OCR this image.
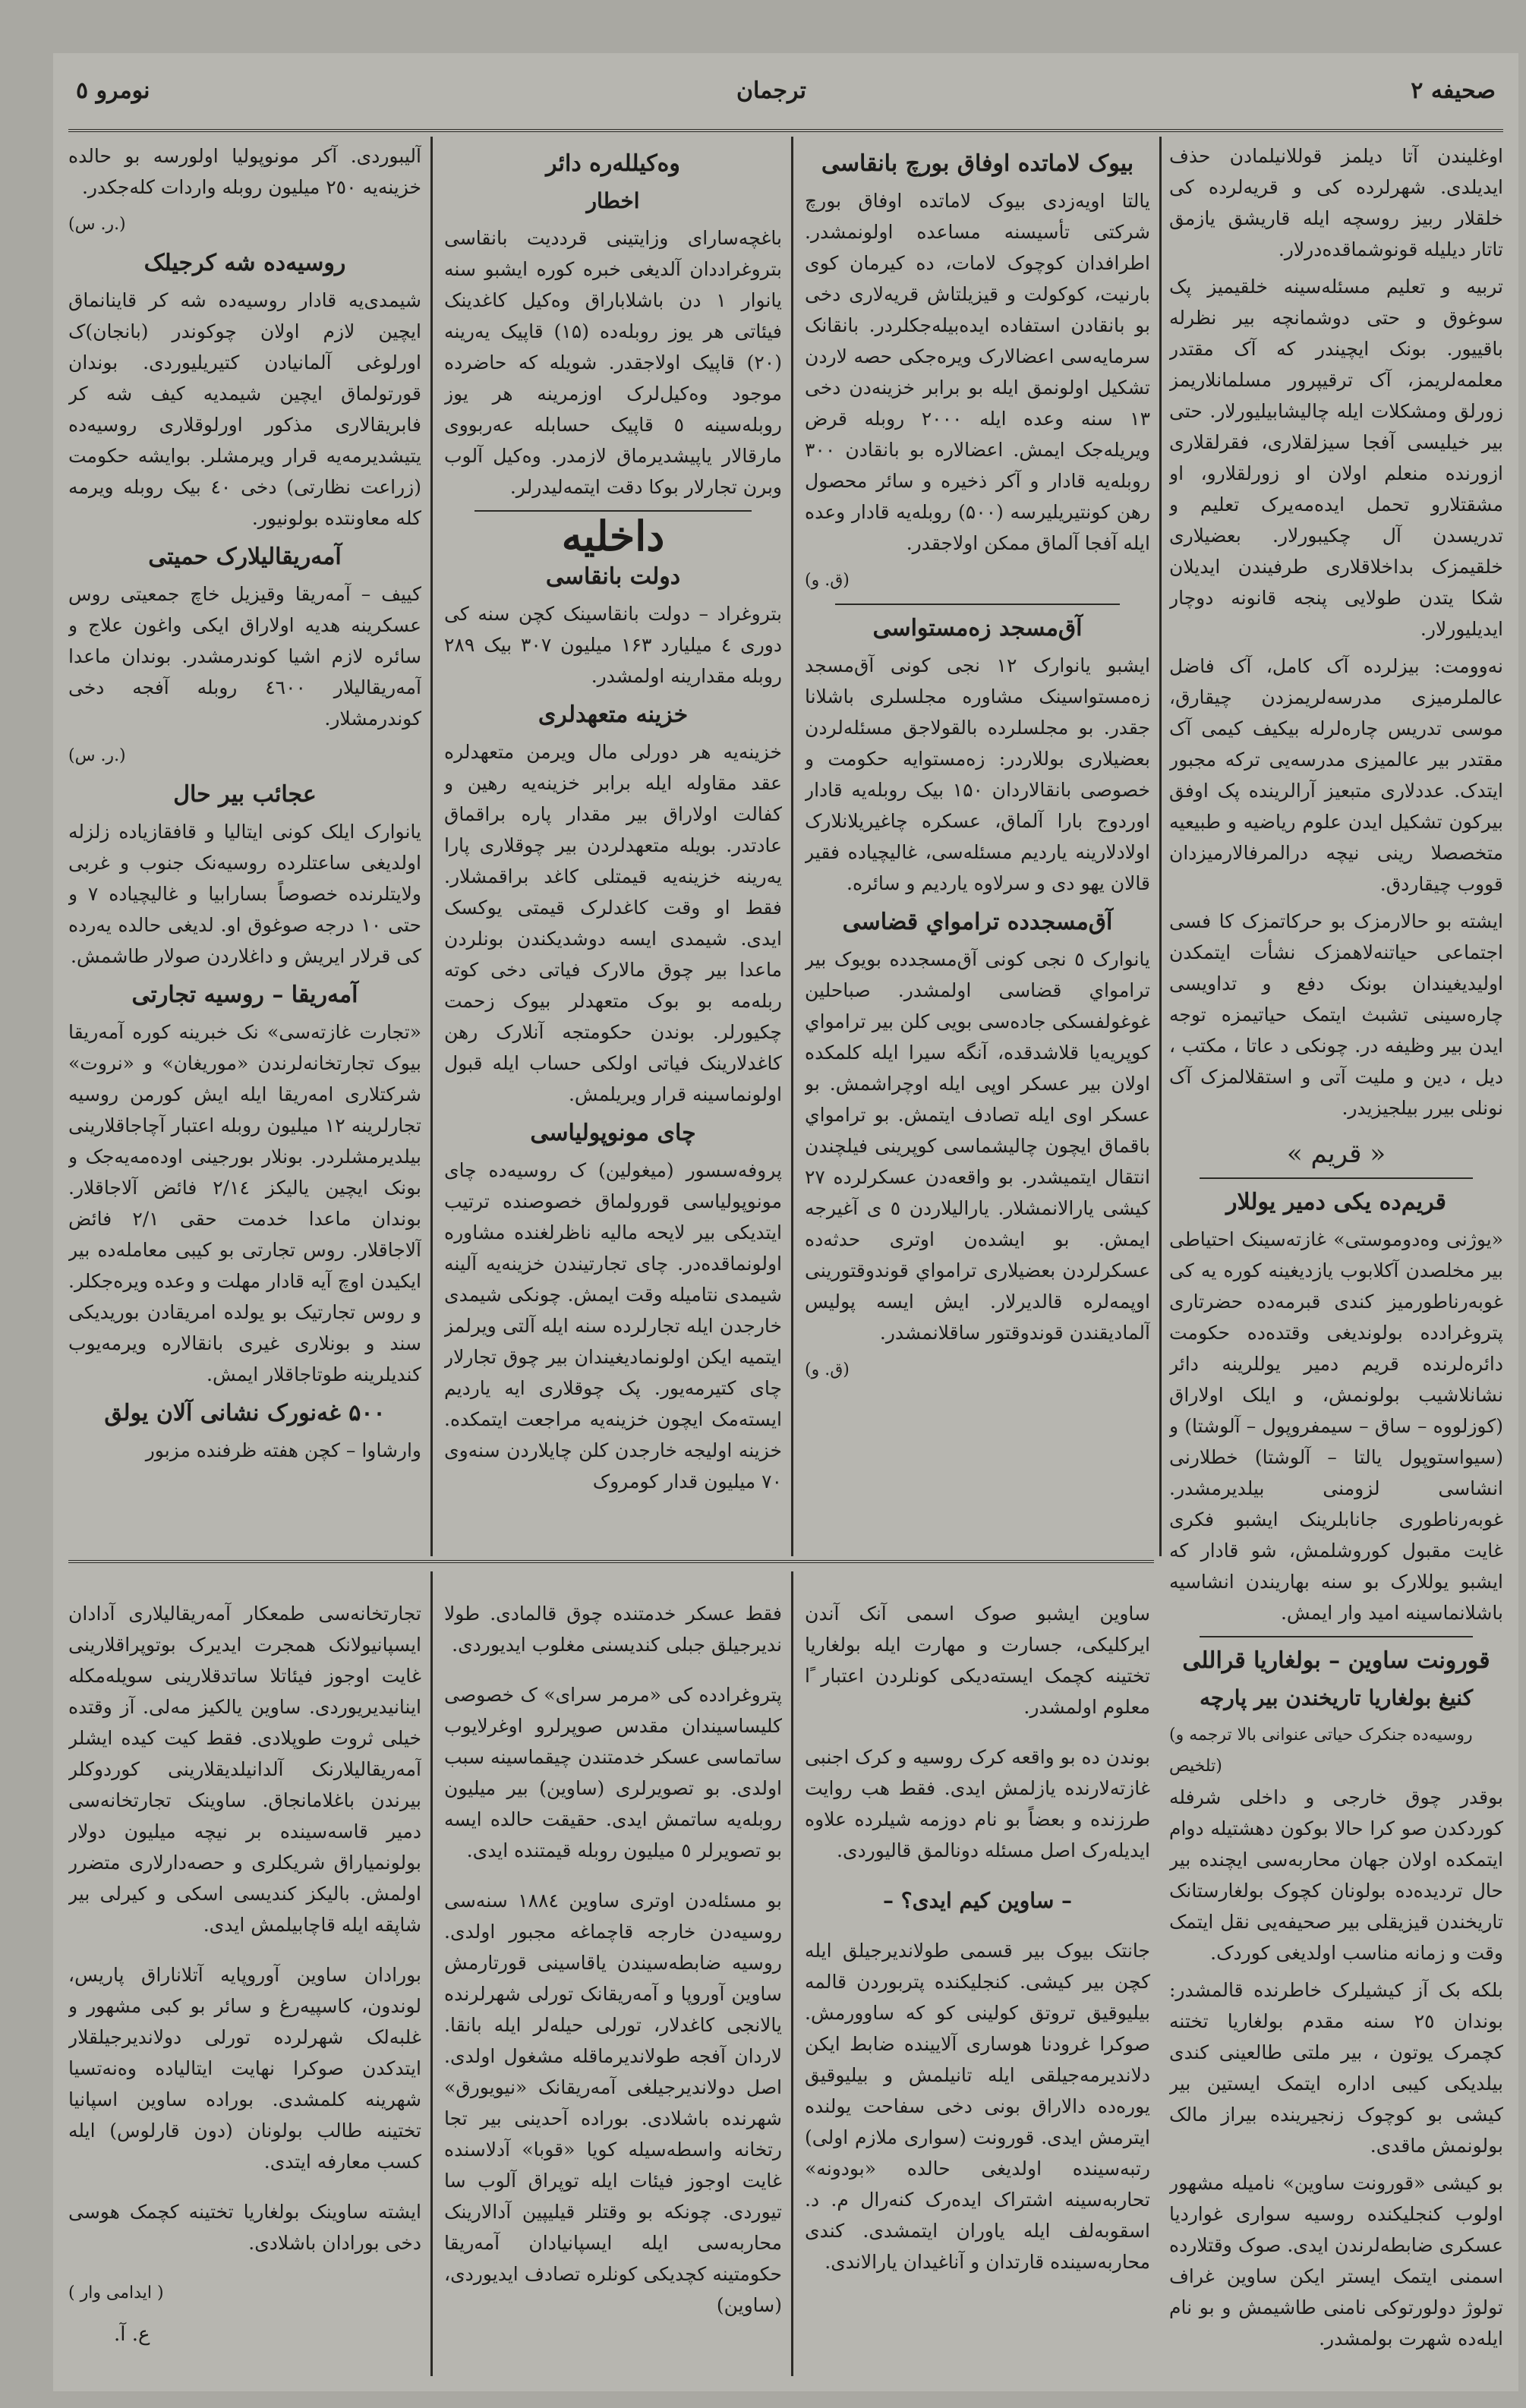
صحیفه ۲
ترجمان
نومرو ٥

اوغلیندن آتا دیلمز قوللانیلمادن حذف ایدیلدی. شهرلرده کی و قریه‌لرده کی خلقلار ربیز روسچه ایله قاریشق یازمق تاتار دیلیله قونوشماقده‌درلار.

تربیه و تعلیم مسئله‌سینه خلقیمیز پک سوغوق و حتی دوشمانچه بیر نظرله باقییور. بونک ایچیندر که آک مقتدر معلمه‌لریمز، آک ترقیپرور مسلمانلاریمز زورلق ومشکلات ایله چالیشابیلیورلار. حتی بیر خیلیسی آفجا سیزلقلاری، فقرلقلاری ازورنده منعلم اولان او زورلقلارو، او مشقتلارو تحمل ایده‌مه‌یرک تعلیم و تدریسدن آل چکیبورلار. بعضیلاری خلقیمزک بداخلاقلاری طرفیندن ایدیلان شکا یتدن طولایی پنجه قانونه دوچار ایدیلیورلار.

نه‌وومت: بیزلرده آک کامل، آک فاضل عالملرمیزی مدرسه‌لریمزدن چیقارق، موسی تدریس چاره‌لرله بیکیف کیمی آک مقتدر بیر عالمیزی مدرسه‌یی ترکه مجبور ایتدک. عددلاری متبعیز آرالرینده پک اوفق بیرکون تشکیل ایدن علوم ریاضیه و طبیعیه متخصصلا رینی نیچه درالمرفالارمیزدان قووب چیقاردق.

ایشته بو حالارمزک بو حرکاتمزک کا فسی اجتماعی حیاتنه‌لاهمزک نشأت ایتمکدن اولیدیغیندان بونک دفع و تداویسی چاره‌سینی تشبث ایتمک حیاتیمزه توجه ایدن بیر وظیفه در. چونکی د عاتا ، مکتب ، دیل ، دین و ملیت آتی و استقلالمزک آک نونلی بیرر بیلجیزیدر.

« قریم »
قریم‌ده یکی دمیر یوللار

«یوژنی وه‌دوموستی» غازته‌سینک احتیاطی بیر مخلصدن آکلابوب یازدیغینه کوره یه کی غوبه‌رناطورمیز کندی قبرمه‌ده حضرتاری پتروغرادده بولوندیغی وقتده‌ده حکومت دائره‌لرنده قریم دمیر یوللرینه دائر نشانلاشیب بولونمش، و ایلک اولاراق (کوزلووه – ساق – سیمفروپول – آلوشتا) و (سیواستوپول یالتا – آلوشتا) خطلارنی انشاسی لزومنی بیلدیرمشدر. غوبه‌رناطوری جانابلرینک ایشبو فکری غایت مقبول کوروشلمش، شو قادار که ایشبو یوللارک بو سنه بهاریندن انشاسیه باشلانماسینه امید وار ایمش.

قورونت ساوین – بولغاریا قراللی
کنیغ بولغاریا تاریخندن بیر پارچه
(روسیه‌ده جنکرک حیاتی عنوانی بالا ترجمه و تلخیص)

بوقدر چوق خارجی و داخلی شرفله کوردکدن صو کرا حالا بوکون دهشتیله دوام ایتمکده اولان جهان محاربه‌سی ایچنده بیر حال تردیده‌ده بولونان کچوک بولغارستانک تاریخندن قیزیقلی بیر صحیفه‌یی نقل ایتمک وقت و زمانه مناسب اولدیغی کوردک.

بلکه بک آز کیشیلرک خاطرنده قالمشدر: بوندان ۲٥ سنه مقدم بولغاریا تختنه کچمرک یوتون ، بیر ملتی طالعینی کندی بیلدیکی کیبی اداره ایتمک ایستین بیر کیشی بو کوچوک زنجیرینده بیراز مالک بولونمش ماقدی.

بو کیشی «قورونت ساوین» نامیله مشهور اولوب کنجلیکنده روسیه سواری غواردیا عسکری ضابطه‌لرندن ایدی. صوک وقتلارده اسمنی ایتمک ایستر ایکن ساوین غراف تولوژ دولورتوکی نامنی طاشیمش و بو نام ایله‌ده شهرت بولمشدر.

بیوک لاماتده اوفاق بورچ بانقاسی

یالتا اویه‌زدی بیوک لاماتده اوفاق بورچ شرکتی تأسیسنه مساعده اولونمشدر. اطرافدان کوچوک لامات، ده کیرمان کوی بارنیت، کوکولت و قیزیلتاش قریه‌لاری دخی بو بانقادن استفاده ایده‌بیله‌جکلردر. بانقانک سرمایه‌سی اعضالارک ویره‌جکی حصه لاردن تشکیل اولونمق ایله بو برابر خزینه‌دن دخی ۱۳ سنه وعده ایله ۲۰۰۰ روبله قرض ویریله‌جک ایمش. اعضالاره بو بانقادن ۳۰۰ روبله‌یه قادار و آکر ذخیره و سائر محصول رهن کونتیریلیرسه (۵۰۰) روبله‌یه قادار وعده ایله آفجا آلماق ممکن اولاجقدر.

(ق. و)
آق‌مسجد زه‌مستواسی

ایشبو یانوارک ۱۲ نجی کونی آق‌مسجد زه‌مستواسینک مشاوره مجلسلری باشلانا جقدر. بو مجلسلرده بالقولاجق مسئله‌لردن بعضیلاری بوللاردر: زه‌مستوایه حکومت و خصوصی بانقالاردان ۱۵۰ بیک روبله‌یه قادار اوردوج بارا آلماق، عسکره چاغیریلانلارک اولادلارینه یاردیم مسئله‌سی، غالیچیاده فقیر قالان یهو دی و سرلاوه یاردیم و سائره.

آق‌مسجدده ترامواي قضاسی

یانوارک ٥ نجی کونی آق‌مسجدده بویوک بیر ترامواي قضاسی اولمشدر. صباحلین غوغولفسکی جاده‌سی بویی کلن بیر ترامواي کوپریه‌یا قلاشدقده، آنگه سیرا ایله کلمکده اولان بیر عسکر اوپی ایله اوچراشمش. بو عسکر اوی ایله تصادف ایتمش. بو ترامواي باقماق ایچون چالیشماسی کوپرینی فیلچندن انتقال ایتمیشدر. بو واقعه‌دن عسکرلرده ۲۷ کیشی یارالانمشلار. یارالیلاردن ٥ ی آغیرجه ایمش. بو ایشده‌ن اوتری حدثه‌ده عسکرلردن بعضیلاری ترامواي قوندوقتورینی اوپمه‌لره قالدیرلار. ایش ایسه پولیس آلمادیقندن قوندوقتور ساقلانمشدر.

(ق. و)
وه‌کیلله‌ره دائر
اخطار

باغچه‌سارای وزایتینی قرددیت بانقاسی بتروغراددان آلدیغی خبره کوره ایشبو سنه یانوار ۱ دن باشلاباراق وه‌کیل کاغدینک فیئاتی هر یوز روبله‌ده (۱۵) قاپیک یه‌رینه (۲۰) قاپیک اولاجقدر. شویله که حاضرده موجود وه‌کیل‌لرک اوزمرینه هر یوز روبله‌سینه ٥ قاپیک حسابله عه‌ربووی مارقالار یاپیشدیرماق لازمدر. وه‌کیل آلوب وبرن تجارلار بوکا دقت ایتمه‌لیدرلر.

داخلیه
دولت بانقاسی

بتروغراد – دولت بانقاسینک کچن سنه کی دوری ٤ میلیارد ۱۶۳ میلیون ۳۰۷ بیک ۲۸۹ روبله مقدارینه اولمشدر.

خزینه متعهدلری

خزینه‌یه هر دورلی مال ویرمن متعهدلره عقد مقاوله ایله برابر خزینه‌یه رهین و کفالت اولاراق بیر مقدار پاره براقماق عادتدر. بویله متعهدلردن بیر چوقلاری پارا یه‌رینه خزینه‌یه قیمتلی کاغد براقمشلار. فقط او وقت کاغدلرک قیمتی یوکسک ایدی. شیمدی ایسه دوشدیکندن بونلردن ماعدا بیر چوق مالارک فیاتی دخی کوته ربله‌مه بو بوک متعهدلر بیوک زحمت چکیورلر. بوندن حکومتجه آنلارک رهن کاغدلارینک فیاتی اولکی حساب ایله قبول اولونماسینه قرار ویریلمش.

چای مونوپولیاسی

پروفه‌سسور (میغولین) ک روسیه‌ده چای مونوپولیاسی قورولماق خصوصنده ترتیب ایتدیکی بیر لایحه مالیه ناظرلغنده مشاوره اولونماقده‌در. چای تجارتیندن خزینه‌یه آلینه شیمدی نتامیله وقت ایمش. چونکی شیمدی خارجدن ایله تجارلرده سنه ایله آلتی ویرلمز ایتمیه ایکن اولونمادیغیندان بیر چوق تجارلار چای کتیرمه‌یور. پک چوقلاری ایه یاردیم ایسته‌مک ایچون خزینه‌یه مراجعت ایتمکده. خزینه اولیجه خارجدن کلن چایلاردن سنه‌وی ۷۰ میلیون قدار کومروک

آلیبوردی. آکر مونوپولیا اولورسه بو حالده خزینه‌یه ۲٥۰ میلیون روبله واردات کله‌جکدر.

(ر. س.)
روسیه‌ده شه کرجیلک

شیمدی‌یه قادار روسیه‌ده شه کر قاینانماق ایچین لازم اولان چوکوندر (بانجان)ک اورلوغی آلمانیادن کتیریلیوردی. بوندان قورتولماق ایچین شیمدیه کیف شه کر فابریقالاری مذکور اورلوقلاری روسیه‌ده یتیشدیرمه‌یه قرار ویرمشلر. بوایشه حکومت (زراعت نظارتی) دخی ٤۰ بیک روبله ویرمه کله معاونتده بولونیور.

آمه‌ریقالیلارک حمیتی

کییف – آمه‌ریقا وقیزیل خاچ جمعیتی روس عسکرینه هدیه اولاراق ایکی واغون علاج و سائره لازم اشیا کوندرمشدر. بوندان ماعدا آمه‌ریقالیلار ٤٦۰۰ روبله آفجه دخی کوندرمشلار.

(ر. س.)
عجائب بیر حال

یانوارک ایلک کونی ایتالیا و قافقازیاده زلزله اولدیغی ساعتلرده روسیه‌نک جنوب و غربی ولایتلرنده خصوصاً بسارابیا و غالیچیاده ۷ و حتی ۱۰ درجه صوغوق او. لدیغی حالده یه‌رده کی قرلار ایریش و داغلاردن صولار طاشمش.

آمه‌ریقا – روسیه تجارتی

«تجارت غازته‌سی» نک خبرینه کوره آمه‌ریقا بیوک تجارتخانه‌لرندن «موریغان» و «نروت» شرکتلاری امه‌ریقا ایله ایش کورمن روسیه تجارلرینه ۱۲ میلیون روبله اعتبار آچاجاقلارینی بیلدیرمشلردر. بونلار بورجینی اوده‌مه‌یه‌جک و بونک ایچین یالیکز ۲/۱٤ فائض آلاجاقلار. بوندان ماعدا خدمت حقی ۲/۱ فائض آلاجاقلار. روس تجارتی بو کیبی معامله‌ده بیر ایکیدن اوچ آیه قادار مهلت و وعده ویره‌جکلر. و روس تجارتیک بو یولده امریقادن بوریدیکی سند و بونلاری غیری بانقالاره ویرمه‌یوب کندیلرینه طوتاجاقلار ایمش.

۵۰۰ غه‌نورک نشانی آلان یولق

وارشاوا – کچن هفته ظرفنده مزبور

ساوین ایشبو صوک اسمی آنک آندن ایرکلیکی، جسارت و مهارت ایله بولغاریا تختینه کچمک ایسته‌دیکی کونلردن اعتبار ًا معلوم اولمشدر.

بوندن ده بو واقعه کرک روسیه و کرک اجنبی غازته‌لارنده یازلمش ایدی. فقط هب روایت طرزنده و بعضاً بو نام دوزمه شیلرده علاوه ایدیله‌رک اصل مسئله دونالمق قالیوردی.

– ساوین کیم ایدی؟ –

جانتک بیوک بیر قسمی طولاندیرجیلق ایله کچن بیر کیشی. کنجلیکنده پتربوردن قالمه بیلیوقیق تروتق کولینی کو که ساوورمش. صوکرا غرودنا هوساری آلایینده ضابط ایکن دلاندیرمه‌جیلقی ایله تانیلمش و بیلیوقیق یوره‌ده دالاراق بونی دخی سفاحت یولنده ایترمش ایدی. قورونت (سواری ملازم اولی) رتبه‌سینده اولدیغی حالده «بودونه» تحاربه‌سینه اشتراک ایده‌رک کنه‌رال م. د. اسقوبه‌لف ایله یاوران ایتمشدی. کندی محاربه‌سینده قارتدان و آناغیدان یارالاندی.

فقط عسکر خدمتنده چوق قالمادی. طولا ندیرجیلق جبلی کندیسنی مغلوب ایدیوردی.

پتروغرادده کی «مرمر سرای» ک خصوصی کلیساسیندان مقدس صوپرلرو اوغرلایوب ساتماسی عسکر خدمتندن چیقماسینه سبب اولدی. بو تصویرلری (ساوین) بیر میلیون روبله‌یه ساتمش ایدی. حقیقت حالده ایسه بو تصویرلر ٥ میلیون روبله قیمتنده ایدی.

بو مسئله‌دن اوتری ساوین ۱۸۸٤ سنه‌سی روسیه‌دن خارجه قاچماغه مجبور اولدی. روسیه ضابطه‌سیندن یاقاسینی قورتارمش ساوین آوروپا و آمه‌ریقانک تورلی شهرلرنده یالانجی کاغدلار، تورلی حیله‌لر ایله بانقا. لاردان آفجه طولاندیرماقله مشغول اولدی. اصل دولاندیرجیلغی آمه‌ریقانک «نیویورق» شهرنده باشلادی. بوراده آحدینی بیر تجا رتخانه واسطه‌سیله کویا «قوبا» آدلاسنده غایت اوجوز فیئات ایله توپراق آلوب سا تیوردی. چونکه بو وقتلر قیلیپین آدالارینک محاربه‌سی ایله ایسپانیادان آمه‌ریقا حکومتینه کچدیکی کونلره تصادف ایدیوردی، (ساوین)

تجارتخانه‌سی طمعکار آمه‌ریقالیلاری آدادان ایسپانیولانک همجرت ایدیرک بوتوپراقلارینی غایت اوجوز فیئاتلا ساتدقلارینی سویله‌مکله اینانیدیریوردی. ساوین یالکیز مه‌لی. آز وقتده خیلی ثروت طوپلادی. فقط کیت کیده ایشلر آمه‌ریقالیلارنک آلدانیلدیقلارینی کوردوکلر بیرندن باغلامانجاق. ساوینک تجارتخانه‌سی دمیر قاسه‌سینده بر نیچه میلیون دولار بولونمیاراق شریکلری و حصه‌دارلاری متضرر اولمش. بالیکز کندیسی اسکی و کیرلی بیر شاپقه ایله قاچابیلمش ایدی.

بورادان ساوین آوروپایه آتلاناراق پاریس، لوندون، کاسپیه‌رغ و سائر بو کبی مشهور و غلبه‌لک شهرلرده تورلی دولاندیرجیلقلار ایتدکدن صوکرا نهایت ایتالیاده وه‌نه‌تسیا شهرینه کلمشدی. بوراده ساوین اسپانیا تختینه طالب بولونان (دون قارلوس) ایله کسب معارفه ایتدی.

ایشته ساوینک بولغاریا تختینه کچمک هوسی دخی بورادان باشلادی.

( ایدامی وار )
ع. آ.
